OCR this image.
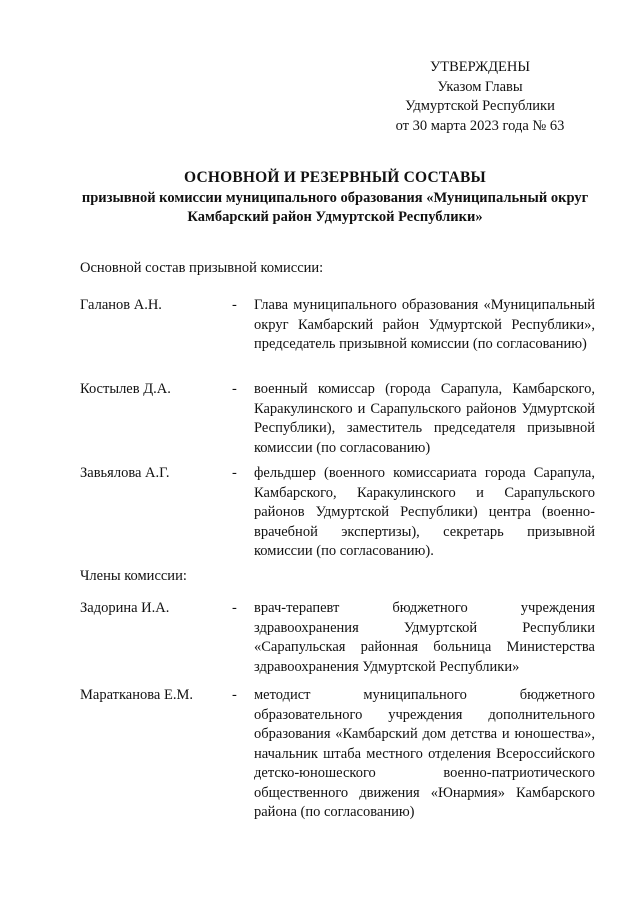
УТВЕРЖДЕНЫ
Указом Главы
Удмуртской Республики
от 30 марта 2023 года № 63
ОСНОВНОЙ И РЕЗЕРВНЫЙ СОСТАВЫ
призывной комиссии муниципального образования «Муниципальный округ
Камбарский район Удмуртской Республики»
Основной состав призывной комиссии:
Галанов А.Н.	- Глава муниципального образования «Муниципальный округ Камбарский район Удмуртской Республики», председатель призывной комиссии (по согласованию)

Костылев Д.А.	- военный комиссар (города Сарапула, Камбарского, Каракулинского и Сарапульского районов Удмуртской Республики), заместитель председателя призывной комиссии (по согласованию)

Завьялова А.Г.	- фельдшер (военного комиссариата города Сарапула, Камбарского, Каракулинского и Сарапульского районов Удмуртской Республики) центра (военно-врачебной экспертизы), секретарь призывной комиссии (по согласованию).

Члены комиссии:
Задорина И.А.	- врач-терапевт бюджетного учреждения здравоохранения Удмуртской Республики «Сарапульская районная больница Министерства здравоохранения Удмуртской Республики»

Маратканова Е.М.	- методист муниципального бюджетного образовательного учреждения дополнительного образования «Камбарский дом детства и юношества», начальник штаба местного отделения Всероссийского детско-юношеского военно-патриотического общественного движения «Юнармия» Камбарского района (по согласованию)
